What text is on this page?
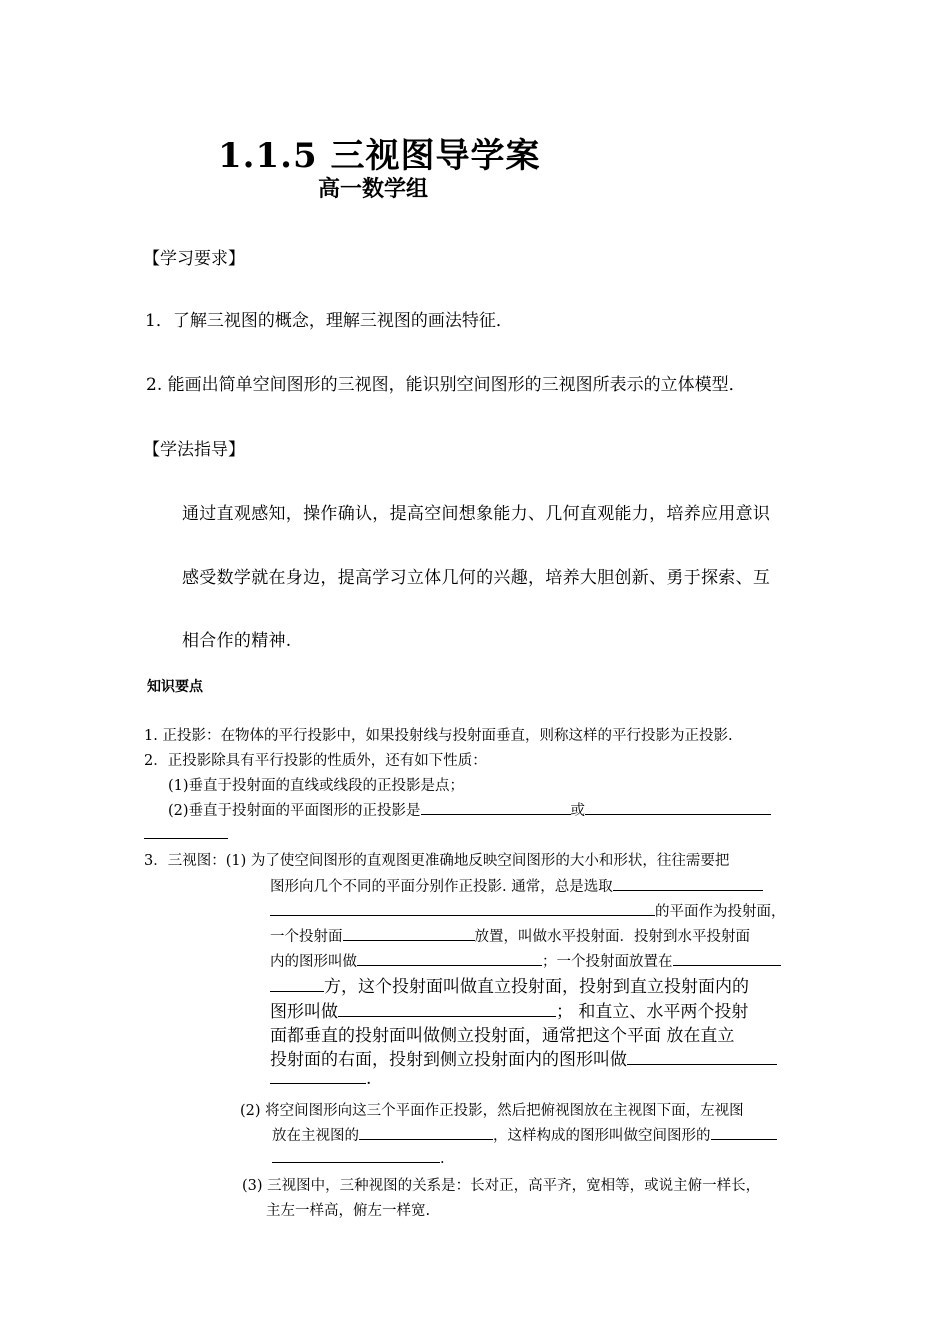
1.1.5 三视图导学案
高一数学组
【学习要求】
1．了解三视图的概念，理解三视图的画法特征．
2. 能画出简单空间图形的三视图，能识别空间图形的三视图所表示的立体模型．
【学法指导】
通过直观感知，操作确认，提高空间想象能力、几何直观能力，培养应用意识
感受数学就在身边，提高学习立体几何的兴趣，培养大胆创新、勇于探索、互
相合作的精神.
知识要点
1. 正投影：在物体的平行投影中，如果投射线与投射面垂直，则称这样的平行投影为正投影.
2．正投影除具有平行投影的性质外，还有如下性质：
(1)垂直于投射面的直线或线段的正投影是点；
(2)垂直于投射面的平面图形的正投影是	或
3．三视图：(1) 为了使空间图形的直观图更准确地反映空间图形的大小和形状，往往需要把
图形向几个不同的平面分别作正投影. 通常，总是选取
的平面作为投射面，
一个投射面	放置，叫做水平投射面．投射到水平投射面
内的图形叫做	；一个投射面放置在
方，这个投射面叫做直立投射面，投射到直立投射面内的
图形叫做	； 和直立、水平两个投射
面都垂直的投射面叫做侧立投射面，通常把这个平面 放在直立
投射面的右面，投射到侧立投射面内的图形叫做
.
(2) 将空间图形向这三个平面作正投影，然后把俯视图放在主视图下面，左视图
放在主视图的	，这样构成的图形叫做空间图形的
.
(3) 三视图中，三种视图的关系是：长对正，高平齐，宽相等，或说主俯一样长，
主左一样高，俯左一样宽.
